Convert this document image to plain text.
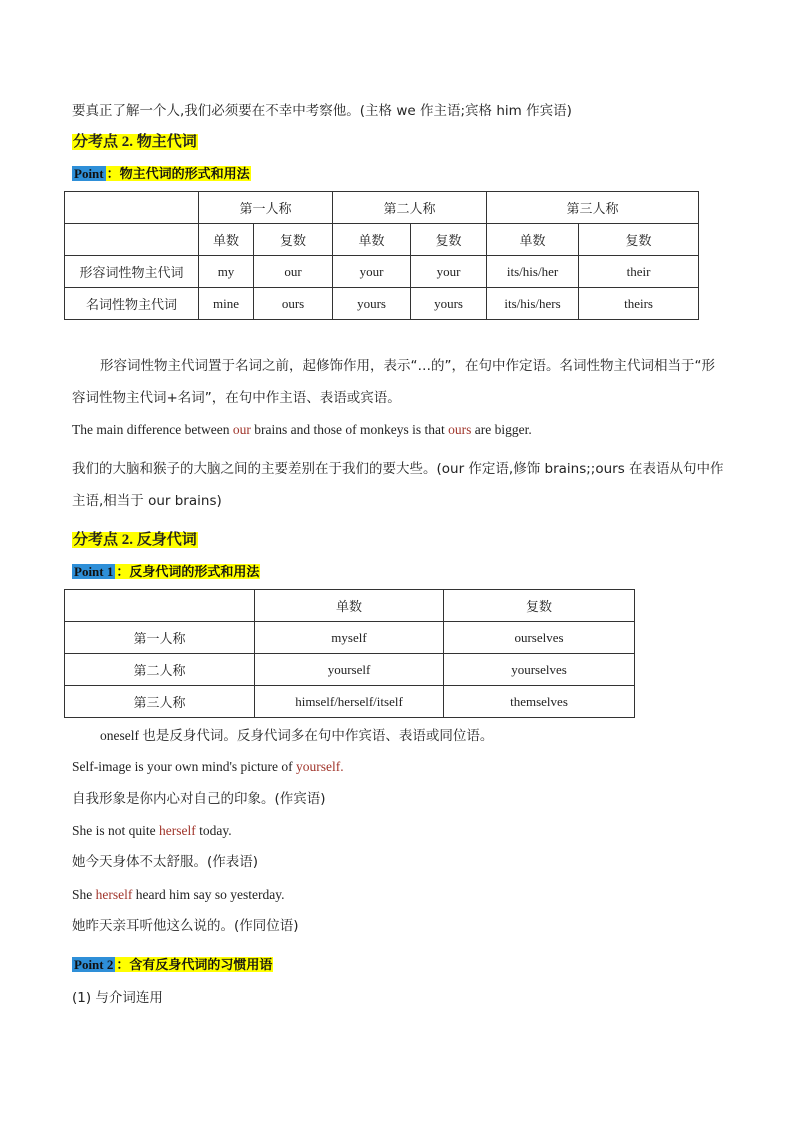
要真正了解一个人,我们必须要在不幸中考察他。(主格 we 作主语;宾格 him 作宾语)
分考点 2. 物主代词
Point ：物主代词的形式和用法
	第一人称		第二人称		第三人称	
	单数	复数	单数	复数	单数	复数
形容词性物主代词	my	our	your	your	its/his/her	their
名词性物主代词	mine	ours	yours	yours	its/his/hers	theirs
形容词性物主代词置于名词之前，起修饰作用，表示“…的”，在句中作定语。名词性物主代词相当于“形
容词性物主代词+名词”，在句中作主语、表语或宾语。
The main difference between our brains and those of monkeys is that ours are bigger.
我们的大脑和猴子的大脑之间的主要差别在于我们的要大些。(our 作定语,修饰 brains;;ours 在表语从句中作
主语,相当于 our brains)
分考点 2. 反身代词
Point 1 ：反身代词的形式和用法
	单数	复数
第一人称	myself	ourselves
第二人称	yourself	yourselves
第三人称	himself/herself/itself	themselves
oneself 也是反身代词。反身代词多在句中作宾语、表语或同位语。
Self-image is your own mind's picture of yourself.
自我形象是你内心对自己的印象。(作宾语)
She is not quite herself today.
她今天身体不太舒服。(作表语)
She herself heard him say so yesterday.
她昨天亲耳听他这么说的。(作同位语)
Point 2 ：含有反身代词的习惯用语
(1) 与介词连用
